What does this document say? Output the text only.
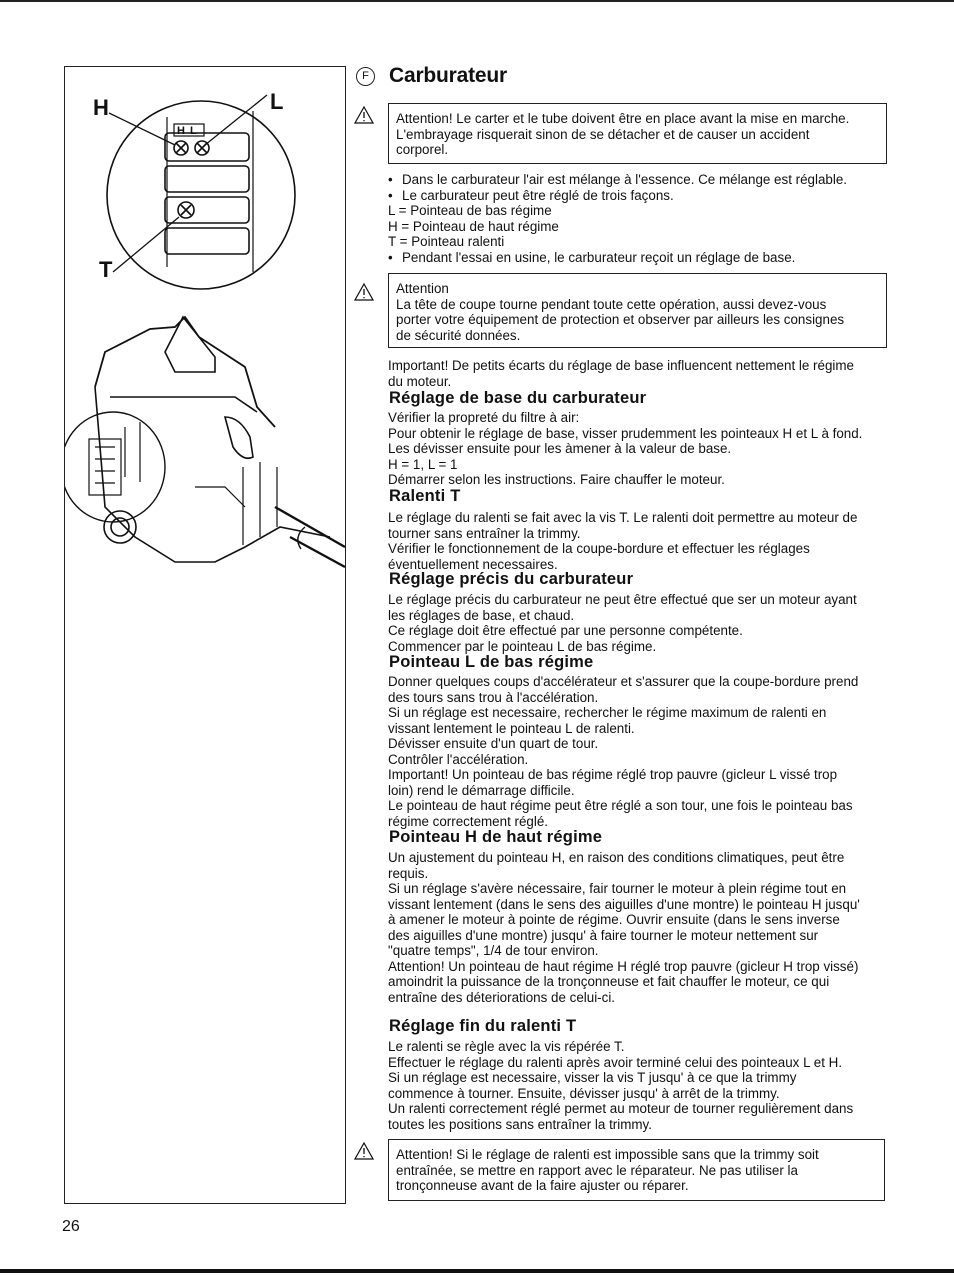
H	L
T
H L
26
F Carburateur
Attention! Le carter et le tube doivent être en place avant la mise en marche.
L'embrayage risquerait sinon de se détacher et de causer un accident
corporel.

• Dans le carburateur l'air est mélange à l'essence. Ce mélange est réglable.

• Le carburateur peut être réglé de trois façons.

L = Pointeau de bas régime

H = Pointeau de haut régime

T = Pointeau ralenti

• Pendant l'essai en usine, le carburateur reçoit un réglage de base.

Attention
La tête de coupe tourne pendant toute cette opération, aussi devez-vous
porter votre équipement de protection et observer par ailleurs les consignes
de sécurité données.

Important! De petits écarts du réglage de base influencent nettement le régime

du moteur.

Réglage de base du carburateur

Vérifier la propreté du filtre à air:

Pour obtenir le réglage de base, visser prudemment les pointeaux H et L à fond.

Les dévisser ensuite pour les àmener à la valeur de base.

H = 1, L = 1

Démarrer selon les instructions. Faire chauffer le moteur.

Ralenti T

Le réglage du ralenti se fait avec la vis T. Le ralenti doit permettre au moteur de

tourner sans entraîner la trimmy.

Vérifier le fonctionnement de la coupe-bordure et effectuer les réglages

éventuellement necessaires.

Réglage précis du carburateur

Le réglage précis du carburateur ne peut être effectué que ser un moteur ayant

les réglages de base, et chaud.

Ce réglage doit être effectué par une personne compétente.

Commencer par le pointeau L de bas régime.

Pointeau L de bas régime

Donner quelques coups d'accélérateur et s'assurer que la coupe-bordure prend

des tours sans trou à l'accélération.

Si un réglage est necessaire, rechercher le régime maximum de ralenti en

vissant lentement le pointeau L de ralenti.

Dévisser ensuite d'un quart de tour.

Contrôler l'accélération.

Important! Un pointeau de bas régime réglé trop pauvre (gicleur L vissé trop

loin) rend le démarrage difficile.

Le pointeau de haut régime peut être réglé a son tour, une fois le pointeau bas

régime correctement réglé.

Pointeau H de haut régime

Un ajustement du pointeau H, en raison des conditions climatiques, peut être

requis.

Si un réglage s'avère nécessaire, fair tourner le moteur à plein régime tout en

vissant lentement (dans le sens des aiguilles d'une montre) le pointeau H jusqu'

à amener le moteur à pointe de régime. Ouvrir ensuite (dans le sens inverse

des aiguilles d'une montre) jusqu' à faire tourner le moteur nettement sur

"quatre temps", 1/4 de tour environ.

Attention! Un pointeau de haut régime H réglé trop pauvre (gicleur H trop vissé)

amoindrit la puissance de la tronçonneuse et fait chauffer le moteur, ce qui

entraîne des déteriorations de celui-ci.

Réglage fin du ralenti T

Le ralenti se règle avec la vis répérée T.

Effectuer le réglage du ralenti après avoir terminé celui des pointeaux L et H.

Si un réglage est necessaire, visser la vis T jusqu' à ce que la trimmy

commence à tourner. Ensuite, dévisser jusqu' à arrêt de la trimmy.

Un ralenti correctement réglé permet au moteur de tourner regulièrement dans

toutes les positions sans entraîner la trimmy.

Attention! Si le réglage de ralenti est impossible sans que la trimmy soit
entraînée, se mettre en rapport avec le réparateur. Ne pas utiliser la
tronçonneuse avant de la faire ajuster ou réparer.
